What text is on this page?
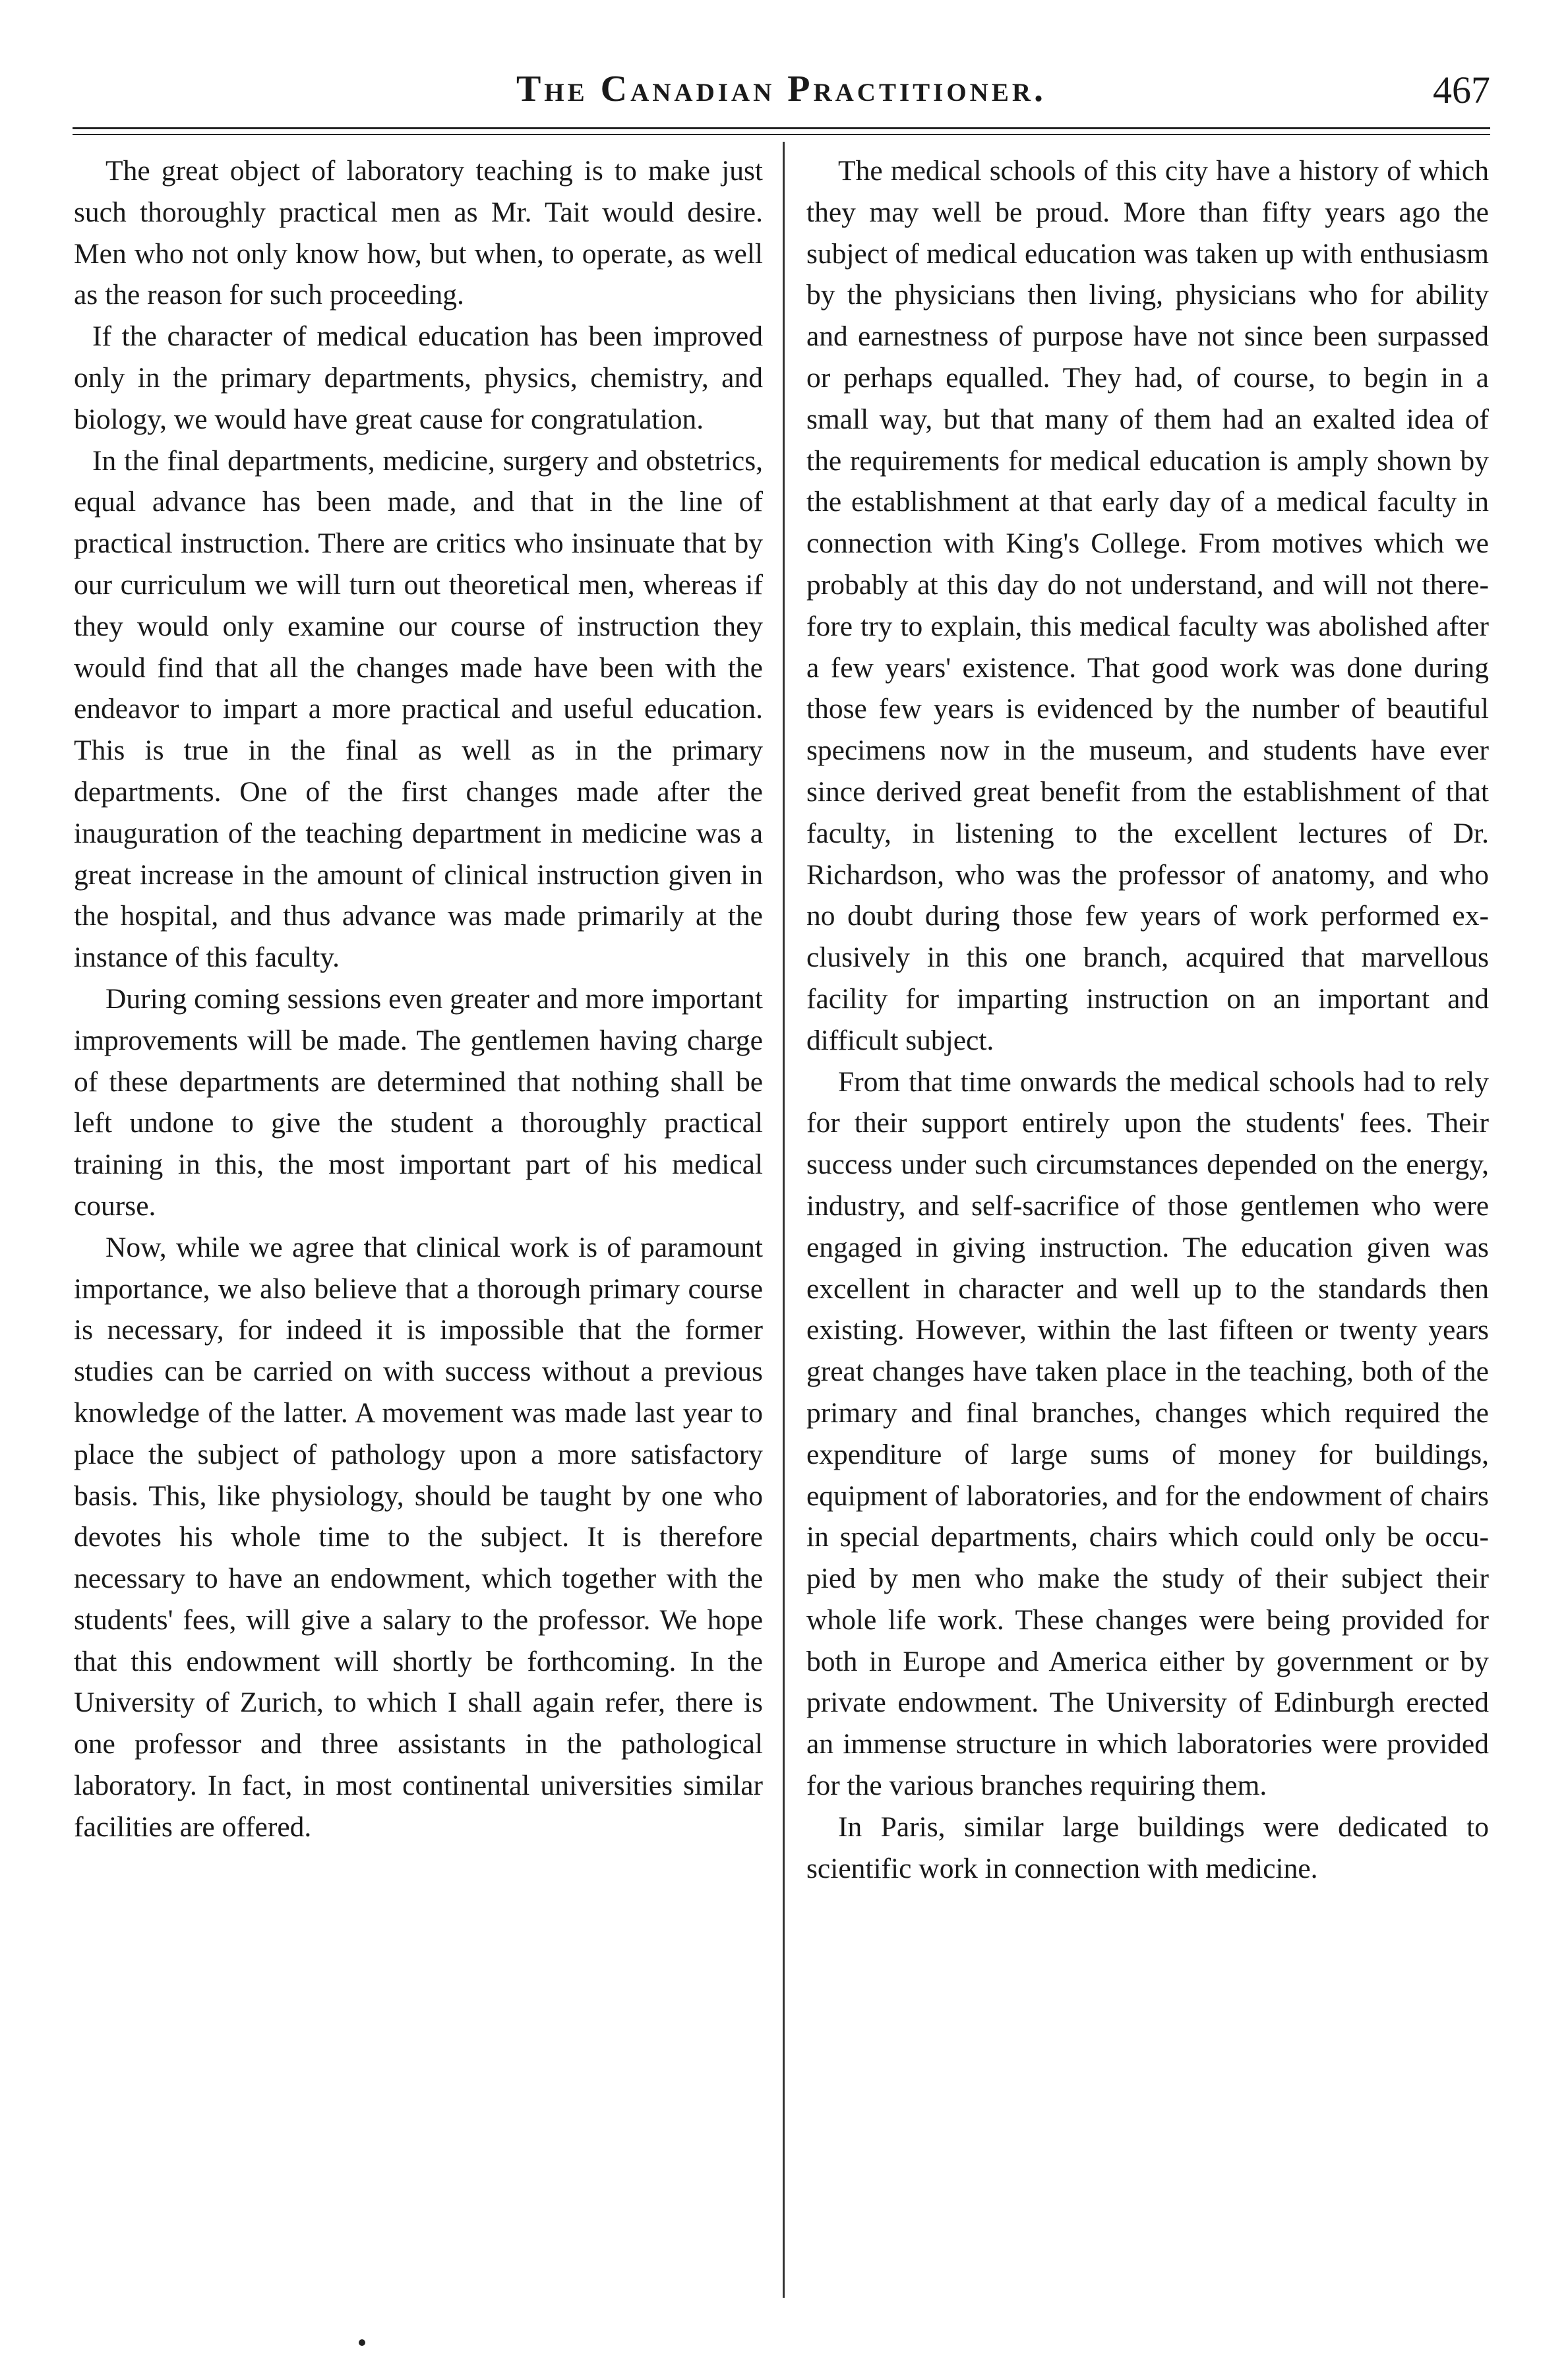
The Canadian Practitioner.	467

The great object of laboratory teaching is to make just such thoroughly practical men as Mr. Tait would desire. Men who not only know how, but when, to operate, as well as the reason for such proceeding.

If the character of medical education has been improved only in the primary departments, physics, chemistry, and biology, we would have great cause for congratulation.

In the final departments, medicine, surgery and obstetrics, equal advance has been made, and that in the line of practical instruction. There are critics who insinuate that by our curriculum we will turn out theoretical men, whereas if they would only examine our course of instruction they would find that all the changes made have been with the endeavor to impart a more practical and useful education. This is true in the final as well as in the primary departments. One of the first changes made after the inauguration of the teaching department in medicine was a great increase in the amount of clinical instruction given in the hospital, and thus advance was made primarily at the instance of this faculty.

During coming sessions even greater and more important improvements will be made. The gentlemen having charge of these departments are determined that nothing shall be left undone to give the student a thoroughly practical training in this, the most important part of his medical course.

Now, while we agree that clinical work is of paramount importance, we also believe that a thorough primary course is necessary, for indeed it is impossible that the former studies can be carried on with success without a previous knowledge of the latter. A movement was made last year to place the subject of pathology upon a more satisfactory basis. This, like physiology, should be taught by one who devotes his whole time to the subject. It is therefore necessary to have an endowment, which together with the students' fees, will give a salary to the professor. We hope that this endowment will shortly be forthcoming. In the University of Zurich, to which I shall again refer, there is one professor and three assistants in the pathological laboratory. In fact, in most continental universities similar facilities are offered.

The medical schools of this city have a history of which they may well be proud. More than fifty years ago the subject of medical education was taken up with enthusiasm by the physicians then living, physicians who for ability and earnestness of purpose have not since been surpassed or perhaps equalled. They had, of course, to begin in a small way, but that many of them had an exalted idea of the requirements for medical education is amply shown by the establishment at that early day of a medical faculty in connection with King's College. From motives which we probably at this day do not understand, and will not therefore try to explain, this medical faculty was abolished after a few years' existence. That good work was done during those few years is evidenced by the number of beautiful specimens now in the museum, and students have ever since derived great benefit from the establishment of that faculty, in listening to the excellent lectures of Dr. Richardson, who was the professor of anatomy, and who no doubt during those few years of work performed exclusively in this one branch, acquired that marvellous facility for imparting instruction on an important and difficult subject.

From that time onwards the medical schools had to rely for their support entirely upon the students' fees. Their success under such circumstances depended on the energy, industry, and self-sacrifice of those gentlemen who were engaged in giving instruction. The education given was excellent in character and well up to the standards then existing. However, within the last fifteen or twenty years great changes have taken place in the teaching, both of the primary and final branches, changes which required the expenditure of large sums of money for buildings, equipment of laboratories, and for the endowment of chairs in special departments, chairs which could only be occupied by men who make the study of their subject their whole life work. These changes were being provided for both in Europe and America either by government or by private endowment. The University of Edinburgh erected an immense structure in which laboratories were provided for the various branches requiring them.

In Paris, similar large buildings were dedicated to scientific work in connection with medicine.
